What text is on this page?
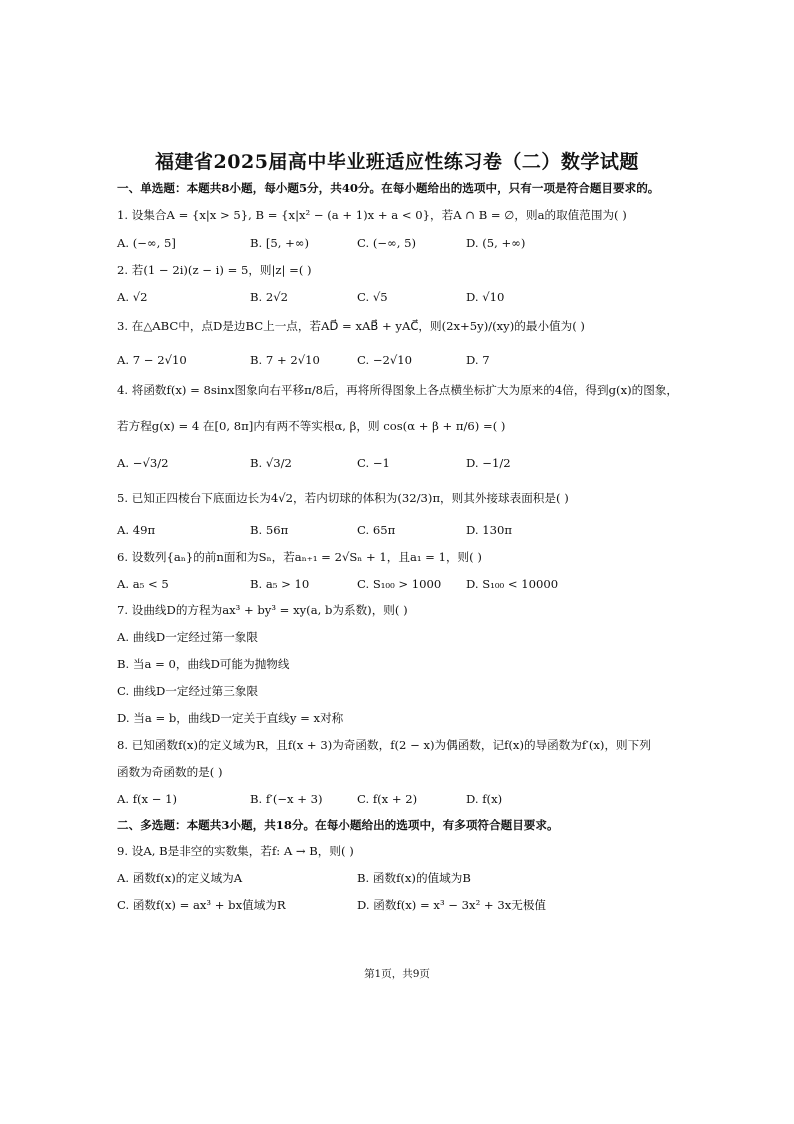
福建省2025届高中毕业班适应性练习卷（二）数学试题
一、单选题：本题共8小题，每小题5分，共40分。在每小题给出的选项中，只有一项是符合题目要求的。
1. 设集合A = {x|x > 5}, B = {x|x² − (a + 1)x + a < 0}，若A ∩ B = ∅，则a的取值范围为( )
A. (−∞, 5]	B. [5, +∞)	C. (−∞, 5)	D. (5, +∞)
2. 若(1 − 2i)(z − i) = 5，则|z| =( )
A. √2	B. 2√2	C. √5	D. √10
3. 在△ABC中，点D是边BC上一点，若AD⃗ = xAB⃗ + yAC⃗，则(2x+5y)/(xy)的最小值为( )
A. 7 − 2√10	B. 7 + 2√10	C. −2√10	D. 7
4. 将函数f(x) = 8sinx图象向右平移π/8后，再将所得图象上各点横坐标扩大为原来的4倍，得到g(x)的图象，
若方程g(x) = 4 在[0, 8π]内有两不等实根α, β，则 cos(α + β + π/6) =( )
A. −√3/2	B. √3/2	C. −1	D. −1/2
5. 已知正四棱台下底面边长为4√2，若内切球的体积为(32/3)π，则其外接球表面积是( )
A. 49π	B. 56π	C. 65π	D. 130π
6. 设数列{aₙ}的前n面和为Sₙ，若aₙ₊₁ = 2√Sₙ + 1，且a₁ = 1，则( )
A. a₅ < 5	B. a₅ > 10	C. S₁₀₀ > 1000 D. S₁₀₀ < 10000
7. 设曲线D的方程为ax³ + by³ = xy(a, b为系数)，则( )
A. 曲线D一定经过第一象限
B. 当a = 0，曲线D可能为抛物线
C. 曲线D一定经过第三象限
D. 当a = b，曲线D一定关于直线y = x对称
8. 已知函数f(x)的定义域为R，且f(x + 3)为奇函数，f(2 − x)为偶函数，记f(x)的导函数为f′(x)，则下列
函数为奇函数的是( )
A. f(x − 1)	B. f′(−x + 3)	C. f(x + 2)	D. f(x)
二、多选题：本题共3小题，共18分。在每小题给出的选项中，有多项符合题目要求。
9. 设A, B是非空的实数集，若f: A → B，则( )
A. 函数f(x)的定义域为A	B. 函数f(x)的值域为B
C. 函数f(x) = ax³ + bx值域为R	D. 函数f(x) = x³ − 3x² + 3x无极值
第1页，共9页
